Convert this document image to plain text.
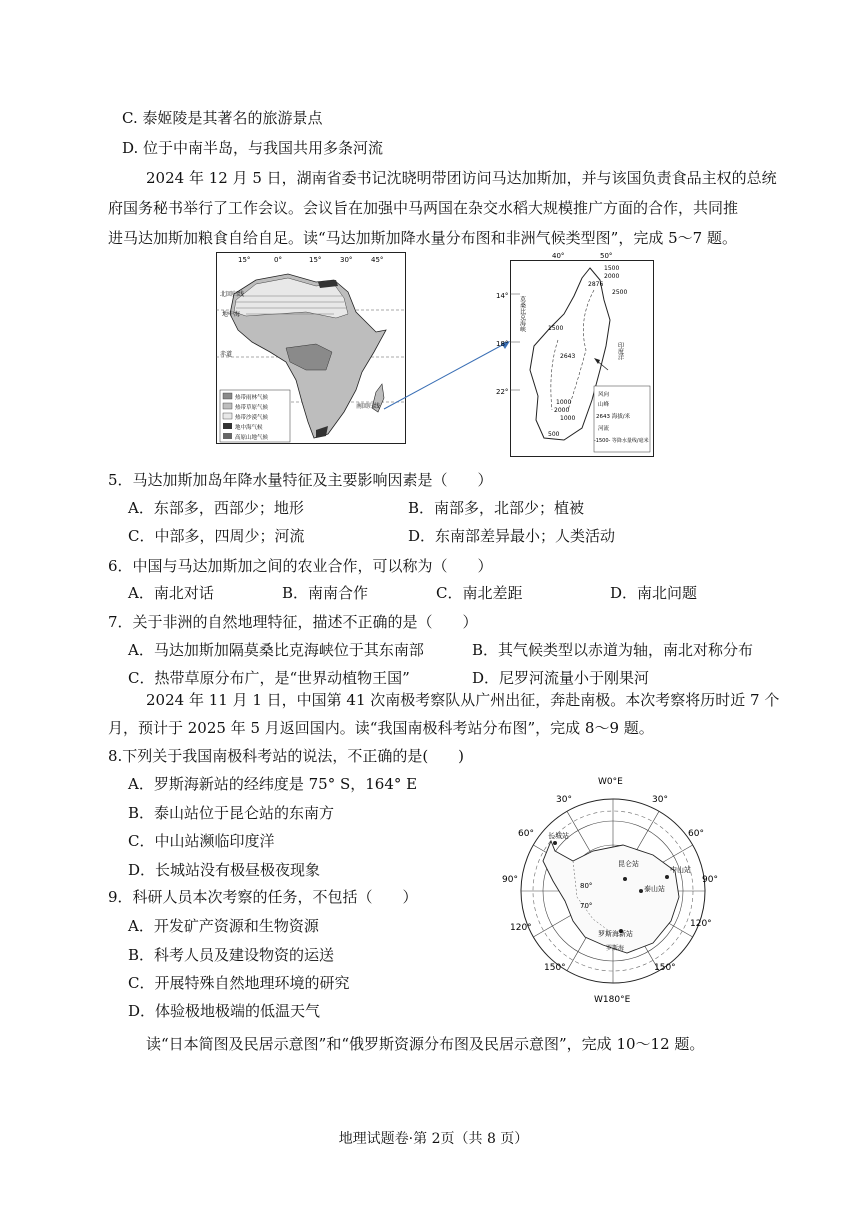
C. 泰姬陵是其著名的旅游景点
D. 位于中南半岛，与我国共用多条河流
2024 年 12 月 5 日，湖南省委书记沈晓明带团访问马达加斯加，并与该国负责食品主权的总统
府国务秘书举行了工作会议。会议旨在加强中马两国在杂交水稻大规模推广方面的合作，共同推
进马达加斯加粮食自给自足。读“马达加斯加降水量分布图和非洲气候类型图”，完成 5～7 题。
15°	0°	15°	30°	45°
北回归线
地中海
赤道
南回归线
热带雨林气候
热带草原气候
热带沙漠气候
地中海气候
高原山地气候
40°	50°
14°
18°
22°
莫桑比克海峡
印度洋
1500
2000
2500
1500
1000
2000
1000
500
2876
2643
风向
山峰
2643 海拔/米
河流
-1500- 等降水量线/毫米
5．马达加斯加岛年降水量特征及主要影响因素是（　　）
A．东部多，西部少；地形	B．南部多，北部少；植被
C．中部多，四周少；河流	D．东南部差异最小；人类活动
6．中国与马达加斯加之间的农业合作，可以称为（　　）
A．南北对话	B．南南合作	C．南北差距	D．南北问题
7．关于非洲的自然地理特征，描述不正确的是（　　）
A．马达加斯加隔莫桑比克海峡位于其东南部	B．其气候类型以赤道为轴，南北对称分布
C．热带草原分布广，是“世界动植物王国”	D．尼罗河流量小于刚果河
2024 年 11 月 1 日，中国第 41 次南极考察队从广州出征，奔赴南极。本次考察将历时近 7 个
月，预计于 2025 年 5 月返回国内。读“我国南极科考站分布图”，完成 8～9 题。
8.下列关于我国南极科考站的说法，不正确的是(　　)
A．罗斯海新站的经纬度是 75° S，164° E
B．泰山站位于昆仑站的东南方
C．中山站濒临印度洋
D．长城站没有极昼极夜现象
9．科研人员本次考察的任务，不包括（　　）
A．开发矿产资源和生物资源
B．科考人员及建设物资的运送
C．开展特殊自然地理环境的研究
D．体验极地极端的低温天气
W0°E
W180°E
30°	30°
60°	60°
90°	90°
120°	120°
150°	150°
80°
70°
长城站
昆仑站
中山站
泰山站
罗斯海新站
罗斯海
读“日本简图及民居示意图”和“俄罗斯资源分布图及民居示意图”，完成 10～12 题。
地理试题卷·第 2页（共 8 页）
